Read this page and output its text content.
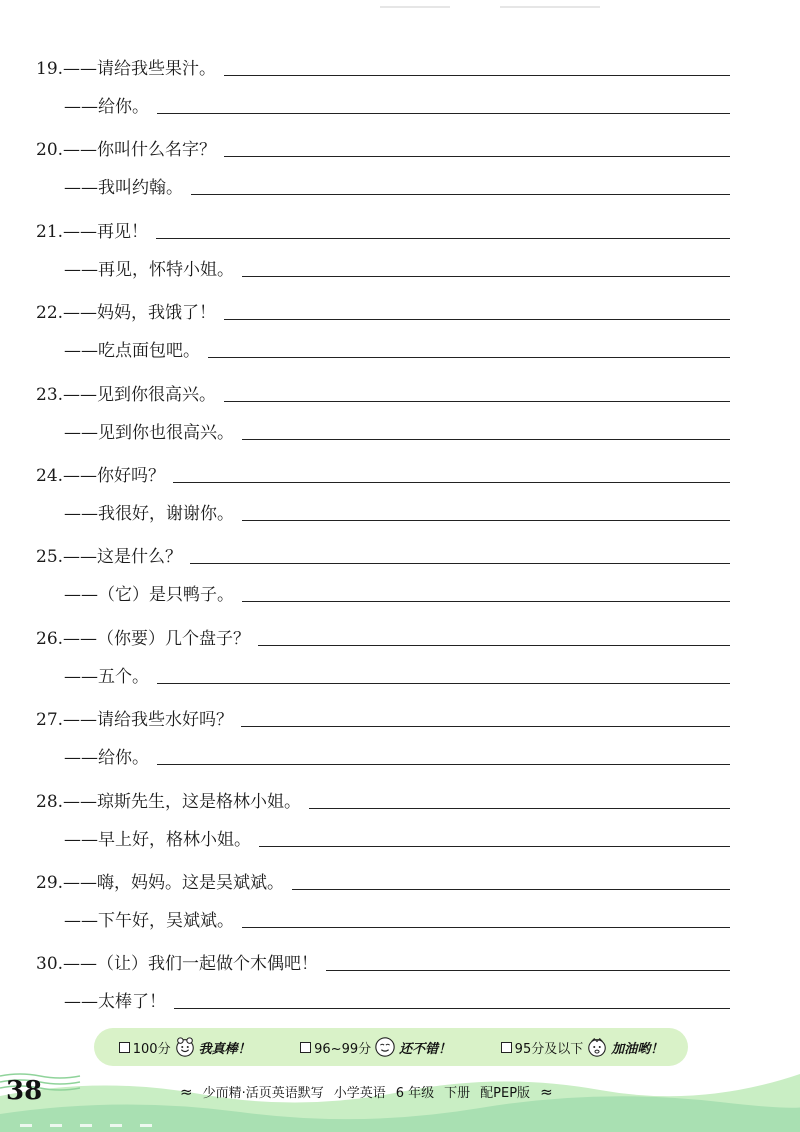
19. ——请给我些果汁。
——给你。
20. ——你叫什么名字？
——我叫约翰。
21. ——再见！
——再见，怀特小姐。
22. ——妈妈，我饿了！
——吃点面包吧。
23. ——见到你很高兴。
——见到你也很高兴。
24. ——你好吗？
——我很好，谢谢你。
25. ——这是什么？
——（它）是只鸭子。
26. ——（你要）几个盘子？
——五个。
27. ——请给我些水好吗？
——给你。
28. ——琼斯先生，这是格林小姐。
——早上好，格林小姐。
29. ——嗨，妈妈。这是吴斌斌。
——下午好，吴斌斌。
30. ——（让）我们一起做个木偶吧！
——太棒了！
100分 我真棒！	96~99分 还不错！	95分及以下 加油哟！
38	≈ 少而精·活页英语默写 小学英语 6 年级 下册 配PEP版 ≈
